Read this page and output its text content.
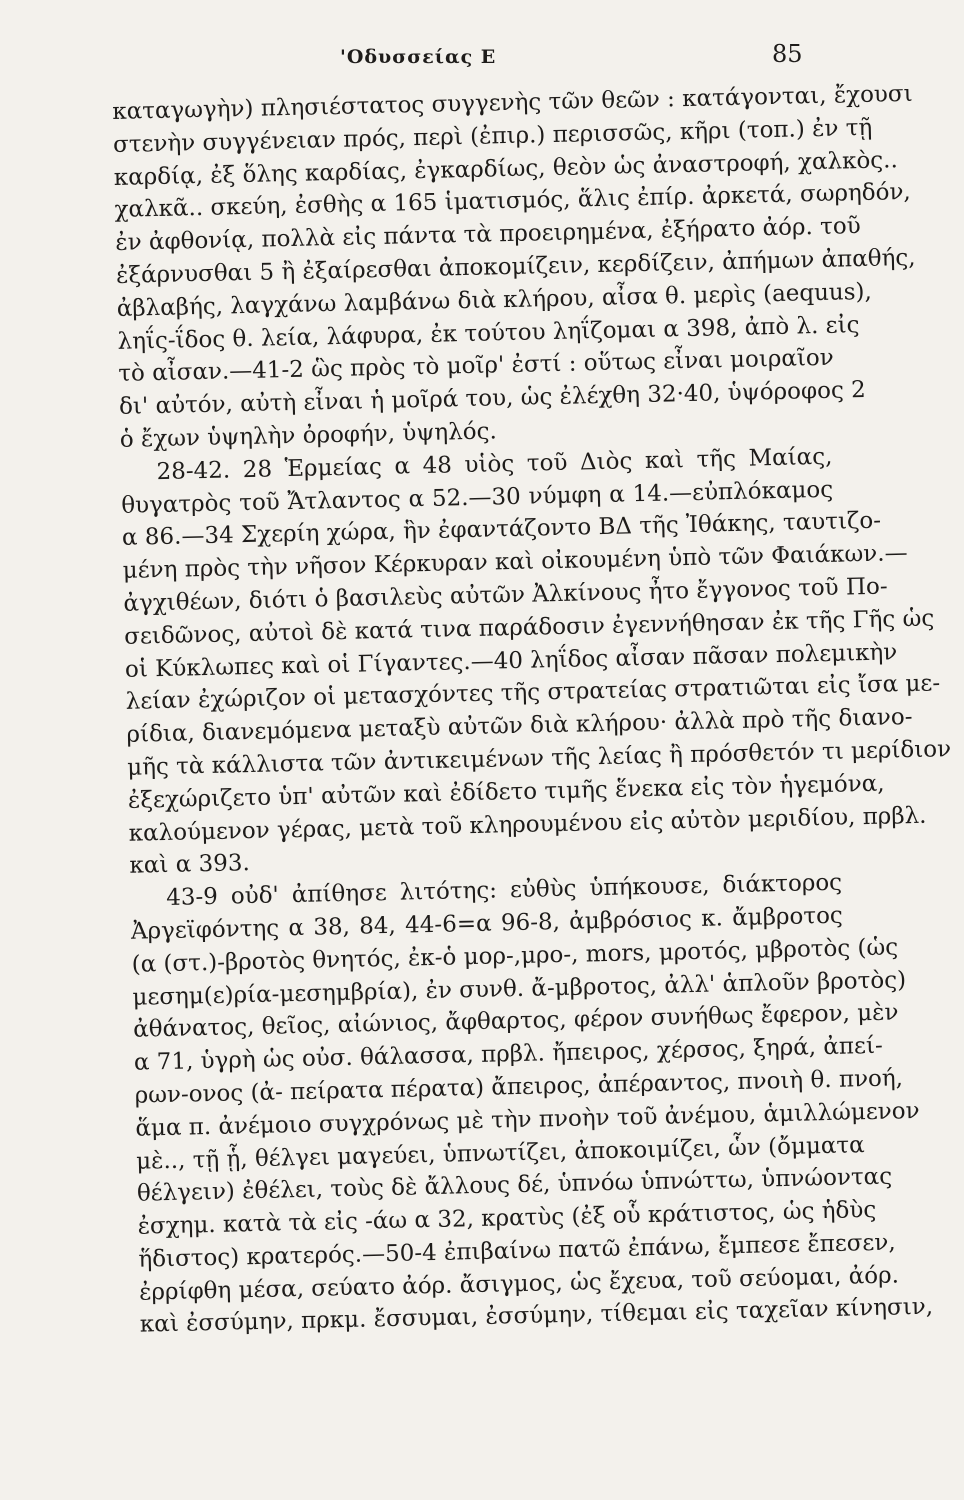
'Οδυσσείας Ε	85
καταγωγὴν) πλησιέστατος συγγενὴς τῶν θεῶν : κατάγονται, ἔχουσι
στενὴν συγγένειαν πρός, περὶ (ἐπιρ.) περισσῶς, κῆρι (τοπ.) ἐν τῇ
καρδίᾳ, ἐξ ὅλης καρδίας, ἐγκαρδίως, θεὸν ὡς ἀναστροφή, χαλκὸς..
χαλκᾶ.. σκεύη, ἐσθὴς α 165 ἱματισμός, ἅλις ἐπίρ. ἀρκετά, σωρηδόν,
ἐν ἀφθονίᾳ, πολλὰ εἰς πάντα τὰ προειρημένα, ἐξήρατο ἀόρ. τοῦ
ἐξάρνυσθαι 5 ἢ ἐξαίρεσθαι ἀποκομίζειν, κερδίζειν, ἀπήμων ἀπαθής,
ἀβλαβής, λαγχάνω λαμβάνω διὰ κλήρου, αἶσα θ. μερὶς (aequus),
ληΐς-ΐδος θ. λεία, λάφυρα, ἐκ τούτου ληΐζομαι α 398, ἀπὸ λ. εἰς
τὸ αἶσαν.—41-2 ὣς πρὸς τὸ μοῖρ' ἐστί : οὕτως εἶναι μοιραῖον
δι' αὐτόν, αὐτὴ εἶναι ἡ μοῖρά του, ὡς ἐλέχθη 32·40, ὑψόροφος 2
ὁ ἔχων ὑψηλὴν ὀροφήν, ὑψηλός.
28-42. 28 Ἑρμείας α 48 υἱὸς τοῦ Διὸς καὶ τῆς Μαίας,
θυγατρὸς τοῦ Ἄτλαντος α 52.—30 νύμφη α 14.—εὐπλόκαμος
α 86.—34 Σχερίη χώρα, ἣν ἐφαντάζοντο ΒΔ τῆς Ἰθάκης, ταυτιζο-
μένη πρὸς τὴν νῆσον Κέρκυραν καὶ οἰκουμένη ὑπὸ τῶν Φαιάκων.—
ἀγχιθέων, διότι ὁ βασιλεὺς αὐτῶν Ἀλκίνους ἦτο ἔγγονος τοῦ Πο-
σειδῶνος, αὐτοὶ δὲ κατά τινα παράδοσιν ἐγεννήθησαν ἐκ τῆς Γῆς ὡς
οἱ Κύκλωπες καὶ οἱ Γίγαντες.—40 ληΐδος αἶσαν πᾶσαν πολεμικὴν
λείαν ἐχώριζον οἱ μετασχόντες τῆς στρατείας στρατιῶται εἰς ἴσα με-
ρίδια, διανεμόμενα μεταξὺ αὐτῶν διὰ κλήρου· ἀλλὰ πρὸ τῆς διανο-
μῆς τὰ κάλλιστα τῶν ἀντικειμένων τῆς λείας ἢ πρόσθετόν τι μερίδιον
ἐξεχώριζετο ὑπ' αὐτῶν καὶ ἐδίδετο τιμῆς ἕνεκα εἰς τὸν ἡγεμόνα,
καλούμενον γέρας, μετὰ τοῦ κληρουμένου εἰς αὐτὸν μεριδίου, πρβλ.
καὶ α 393.
43-9 οὐδ' ἀπίθησε λιτότης: εὐθὺς ὑπήκουσε, διάκτορος
Ἀργεϊφόντης α 38, 84, 44-6=α 96-8, ἀμβρόσιος κ. ἄμβροτος
(α (στ.)-βροτὸς θνητός, ἐκ-ὁ μορ-,μρο-, mors, μροτός, μβροτὸς (ὡς
μεσημ(ε)ρία-μεσημβρία), ἐν συνθ. ἄ-μβροτος, ἀλλ' ἁπλοῦν βροτὸς)
ἀθάνατος, θεῖος, αἰώνιος, ἄφθαρτος, φέρον συνήθως ἔφερον, μὲν
α 71, ὑγρὴ ὡς οὐσ. θάλασσα, πρβλ. ἤπειρος, χέρσος, ξηρά, ἀπεί-
ρων-ονος (ἀ- πείρατα πέρατα) ἄπειρος, ἀπέραντος, πνοιὴ θ. πνοή,
ἅμα π. ἀνέμοιο συγχρόνως μὲ τὴν πνοὴν τοῦ ἀνέμου, ἁμιλλώμενον
μὲ.., τῇ ᾗ, θέλγει μαγεύει, ὑπνωτίζει, ἀποκοιμίζει, ὧν (ὄμματα
θέλγειν) ἐθέλει, τοὺς δὲ ἄλλους δέ, ὑπνόω ὑπνώττω, ὑπνώοντας
ἐσχημ. κατὰ τὰ εἰς -άω α 32, κρατὺς (ἐξ οὗ κράτιστος, ὡς ἡδὺς
ἥδιστος) κρατερός.—50-4 ἐπιβαίνω πατῶ ἐπάνω, ἔμπεσε ἔπεσεν,
ἐρρίφθη μέσα, σεύατο ἀόρ. ἄσιγμος, ὡς ἔχευα, τοῦ σεύομαι, ἀόρ.
καὶ ἐσσύμην, πρκμ. ἔσσυμαι, ἐσσύμην, τίθεμαι εἰς ταχεῖαν κίνησιν,
